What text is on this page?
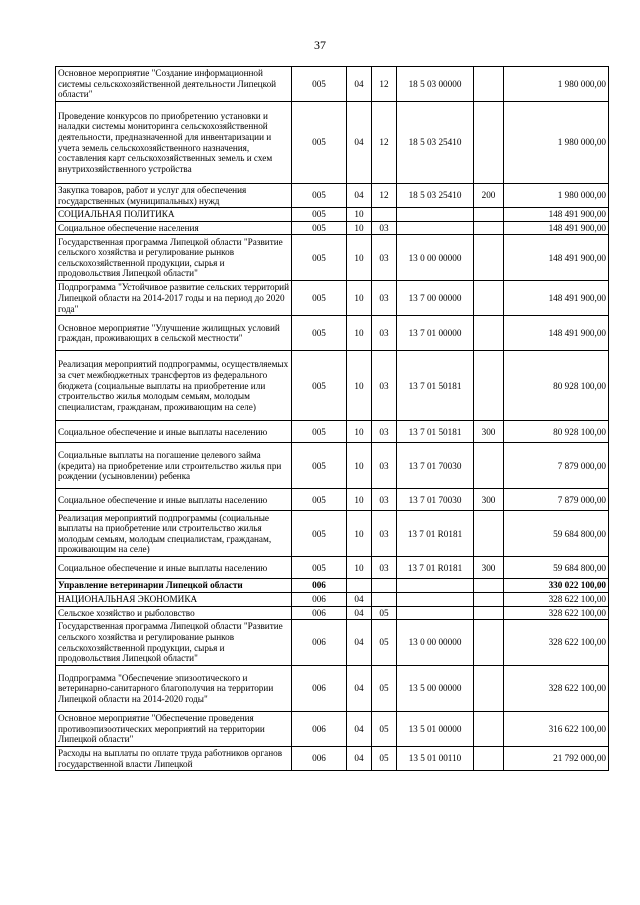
37
Основное мероприятие "Создание информационной системы сельскохозяйственной деятельности Липецкой области"	005	04	12	18 5 03 00000		1 980 000,00
Проведение конкурсов по приобретению установки и наладки системы мониторинга сельскохозяйственной деятельности, предназначенной для инвентаризации и учета земель сельскохозяйственного назначения, составления карт сельскохозяйственных земель и схем внутрихозяйственного устройства	005	04	12	18 5 03 25410		1 980 000,00
Закупка товаров, работ и услуг для обеспечения государственных (муниципальных) нужд	005	04	12	18 5 03 25410	200	1 980 000,00
СОЦИАЛЬНАЯ ПОЛИТИКА	005	10				148 491 900,00
Социальное обеспечение населения	005	10	03			148 491 900,00
Государственная программа Липецкой области "Развитие сельского хозяйства и регулирование рынков сельскохозяйственной продукции, сырья и продовольствия Липецкой области"	005	10	03	13 0 00 00000		148 491 900,00
Подпрограмма "Устойчивое развитие сельских территорий Липецкой области на 2014-2017 годы и на период до 2020 года"	005	10	03	13 7 00 00000		148 491 900,00
Основное мероприятие "Улучшение жилищных условий граждан, проживающих в сельской местности"	005	10	03	13 7 01 00000		148 491 900,00
Реализация мероприятий подпрограммы, осуществляемых за счет межбюджетных трансфертов из федерального бюджета (социальные выплаты на приобретение или строительство жилья молодым семьям, молодым специалистам, гражданам, проживающим на селе)	005	10	03	13 7 01 50181		80 928 100,00
Социальное обеспечение и иные выплаты населению	005	10	03	13 7 01 50181	300	80 928 100,00
Социальные выплаты на погашение целевого займа (кредита) на приобретение или строительство жилья при рождении (усыновлении) ребенка	005	10	03	13 7 01 70030		7 879 000,00
Социальное обеспечение и иные выплаты населению	005	10	03	13 7 01 70030	300	7 879 000,00
Реализация мероприятий подпрограммы (социальные выплаты на приобретение или строительство жилья молодым семьям, молодым специалистам, гражданам, проживающим на селе)	005	10	03	13 7 01 R0181		59 684 800,00
Социальное обеспечение и иные выплаты населению	005	10	03	13 7 01 R0181	300	59 684 800,00
Управление ветеринарии Липецкой области	006					330 022 100,00
НАЦИОНАЛЬНАЯ ЭКОНОМИКА	006	04				328 622 100,00
Сельское хозяйство и рыболовство	006	04	05			328 622 100,00
Государственная программа Липецкой области "Развитие сельского хозяйства и регулирование рынков сельскохозяйственной продукции, сырья и продовольствия Липецкой области"	006	04	05	13 0 00 00000		328 622 100,00
Подпрограмма "Обеспечение эпизоотического и ветеринарно-санитарного благополучия на территории Липецкой области на 2014-2020 годы"	006	04	05	13 5 00 00000		328 622 100,00
Основное мероприятие "Обеспечение проведения противоэпизоотических мероприятий на территории Липецкой области"	006	04	05	13 5 01 00000		316 622 100,00
Расходы на выплаты по оплате труда работников органов государственной власти Липецкой	006	04	05	13 5 01 00110		21 792 000,00
